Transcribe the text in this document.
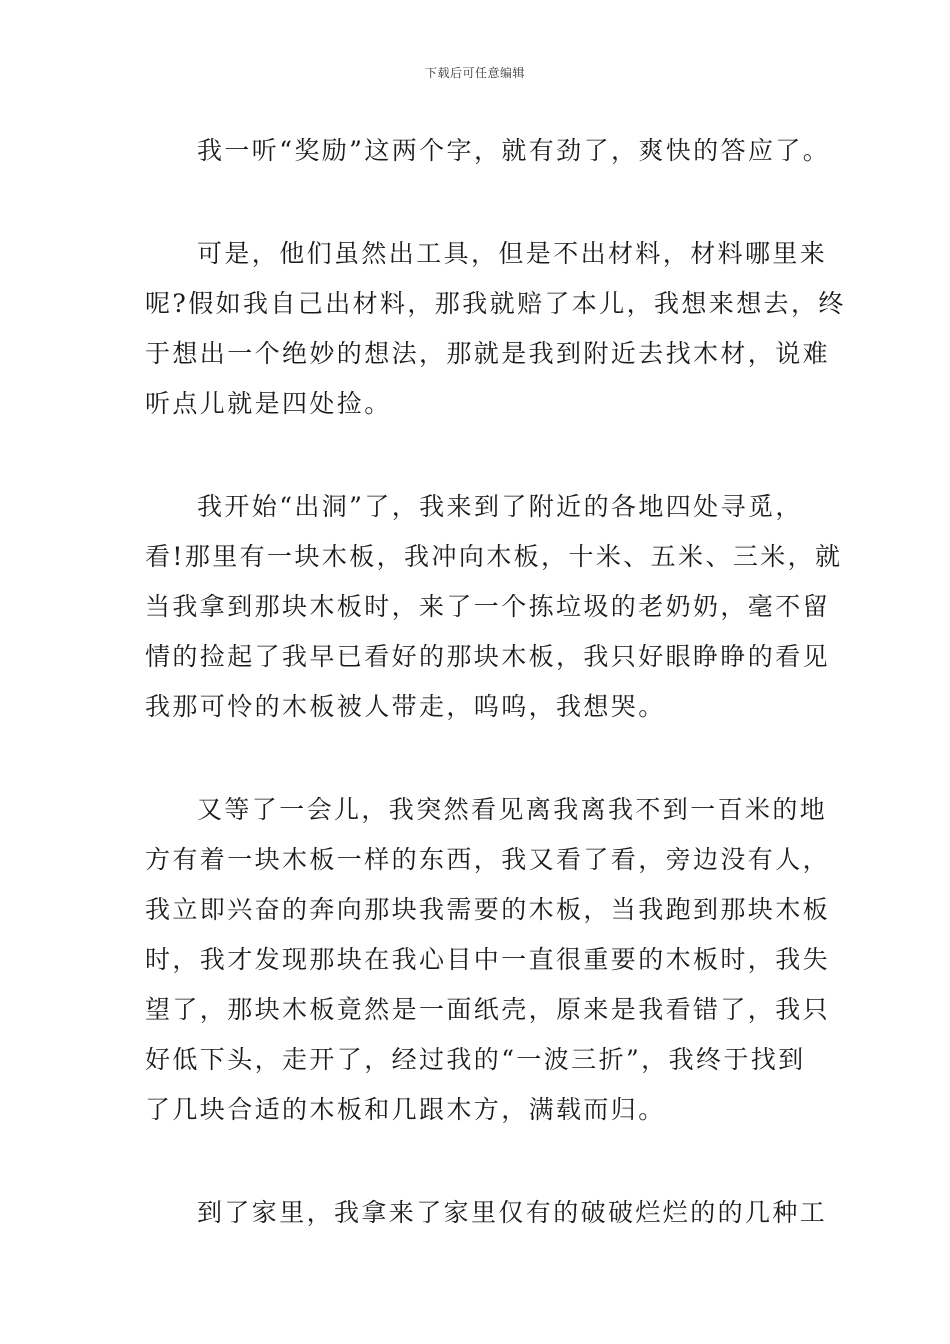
下载后可任意编辑

我一听“奖励”这两个字，就有劲了，爽快的答应了。

可是，他们虽然出工具，但是不出材料，材料哪里来
呢?假如我自己出材料，那我就赔了本儿，我想来想去，终
于想出一个绝妙的想法，那就是我到附近去找木材，说难
听点儿就是四处捡。

我开始“出洞”了，我来到了附近的各地四处寻觅，
看!那里有一块木板，我冲向木板，十米、五米、三米，就
当我拿到那块木板时，来了一个拣垃圾的老奶奶，毫不留
情的捡起了我早已看好的那块木板，我只好眼睁睁的看见
我那可怜的木板被人带走，呜呜，我想哭。

又等了一会儿，我突然看见离我离我不到一百米的地
方有着一块木板一样的东西，我又看了看，旁边没有人，
我立即兴奋的奔向那块我需要的木板，当我跑到那块木板
时，我才发现那块在我心目中一直很重要的木板时，我失
望了，那块木板竟然是一面纸壳，原来是我看错了，我只
好低下头，走开了，经过我的“一波三折”，我终于找到
了几块合适的木板和几跟木方，满载而归。

到了家里，我拿来了家里仅有的破破烂烂的的几种工
